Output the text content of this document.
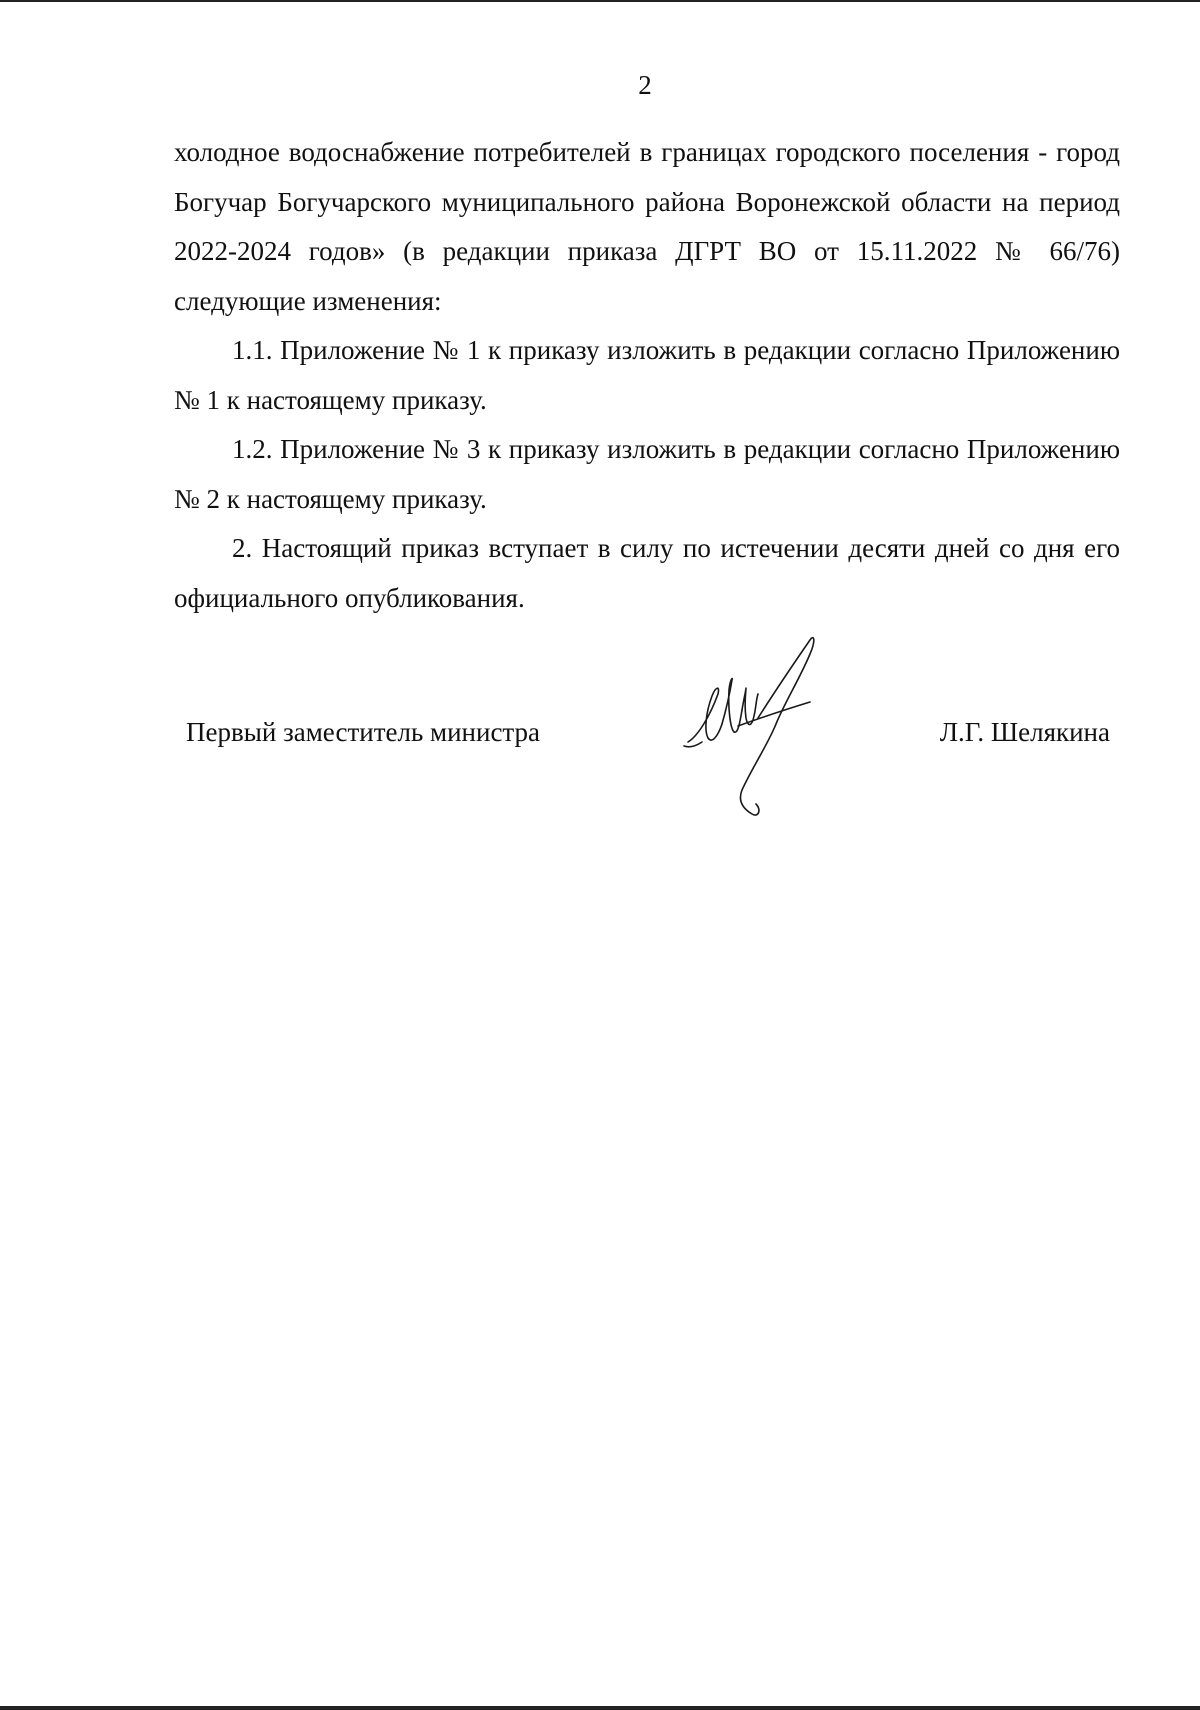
2

холодное водоснабжение потребителей в границах городского поселения - город Богучар Богучарского муниципального района Воронежской области на период 2022-2024 годов» (в редакции приказа ДГРТ ВО от 15.11.2022 № 66/76) следующие изменения:

1.1. Приложение № 1 к приказу изложить в редакции согласно Приложению № 1 к настоящему приказу.

1.2. Приложение № 3 к приказу изложить в редакции согласно Приложению № 2 к настоящему приказу.

2. Настоящий приказ вступает в силу по истечении десяти дней со дня его официального опубликования.

Первый заместитель министра	Л.Г. Шелякина
